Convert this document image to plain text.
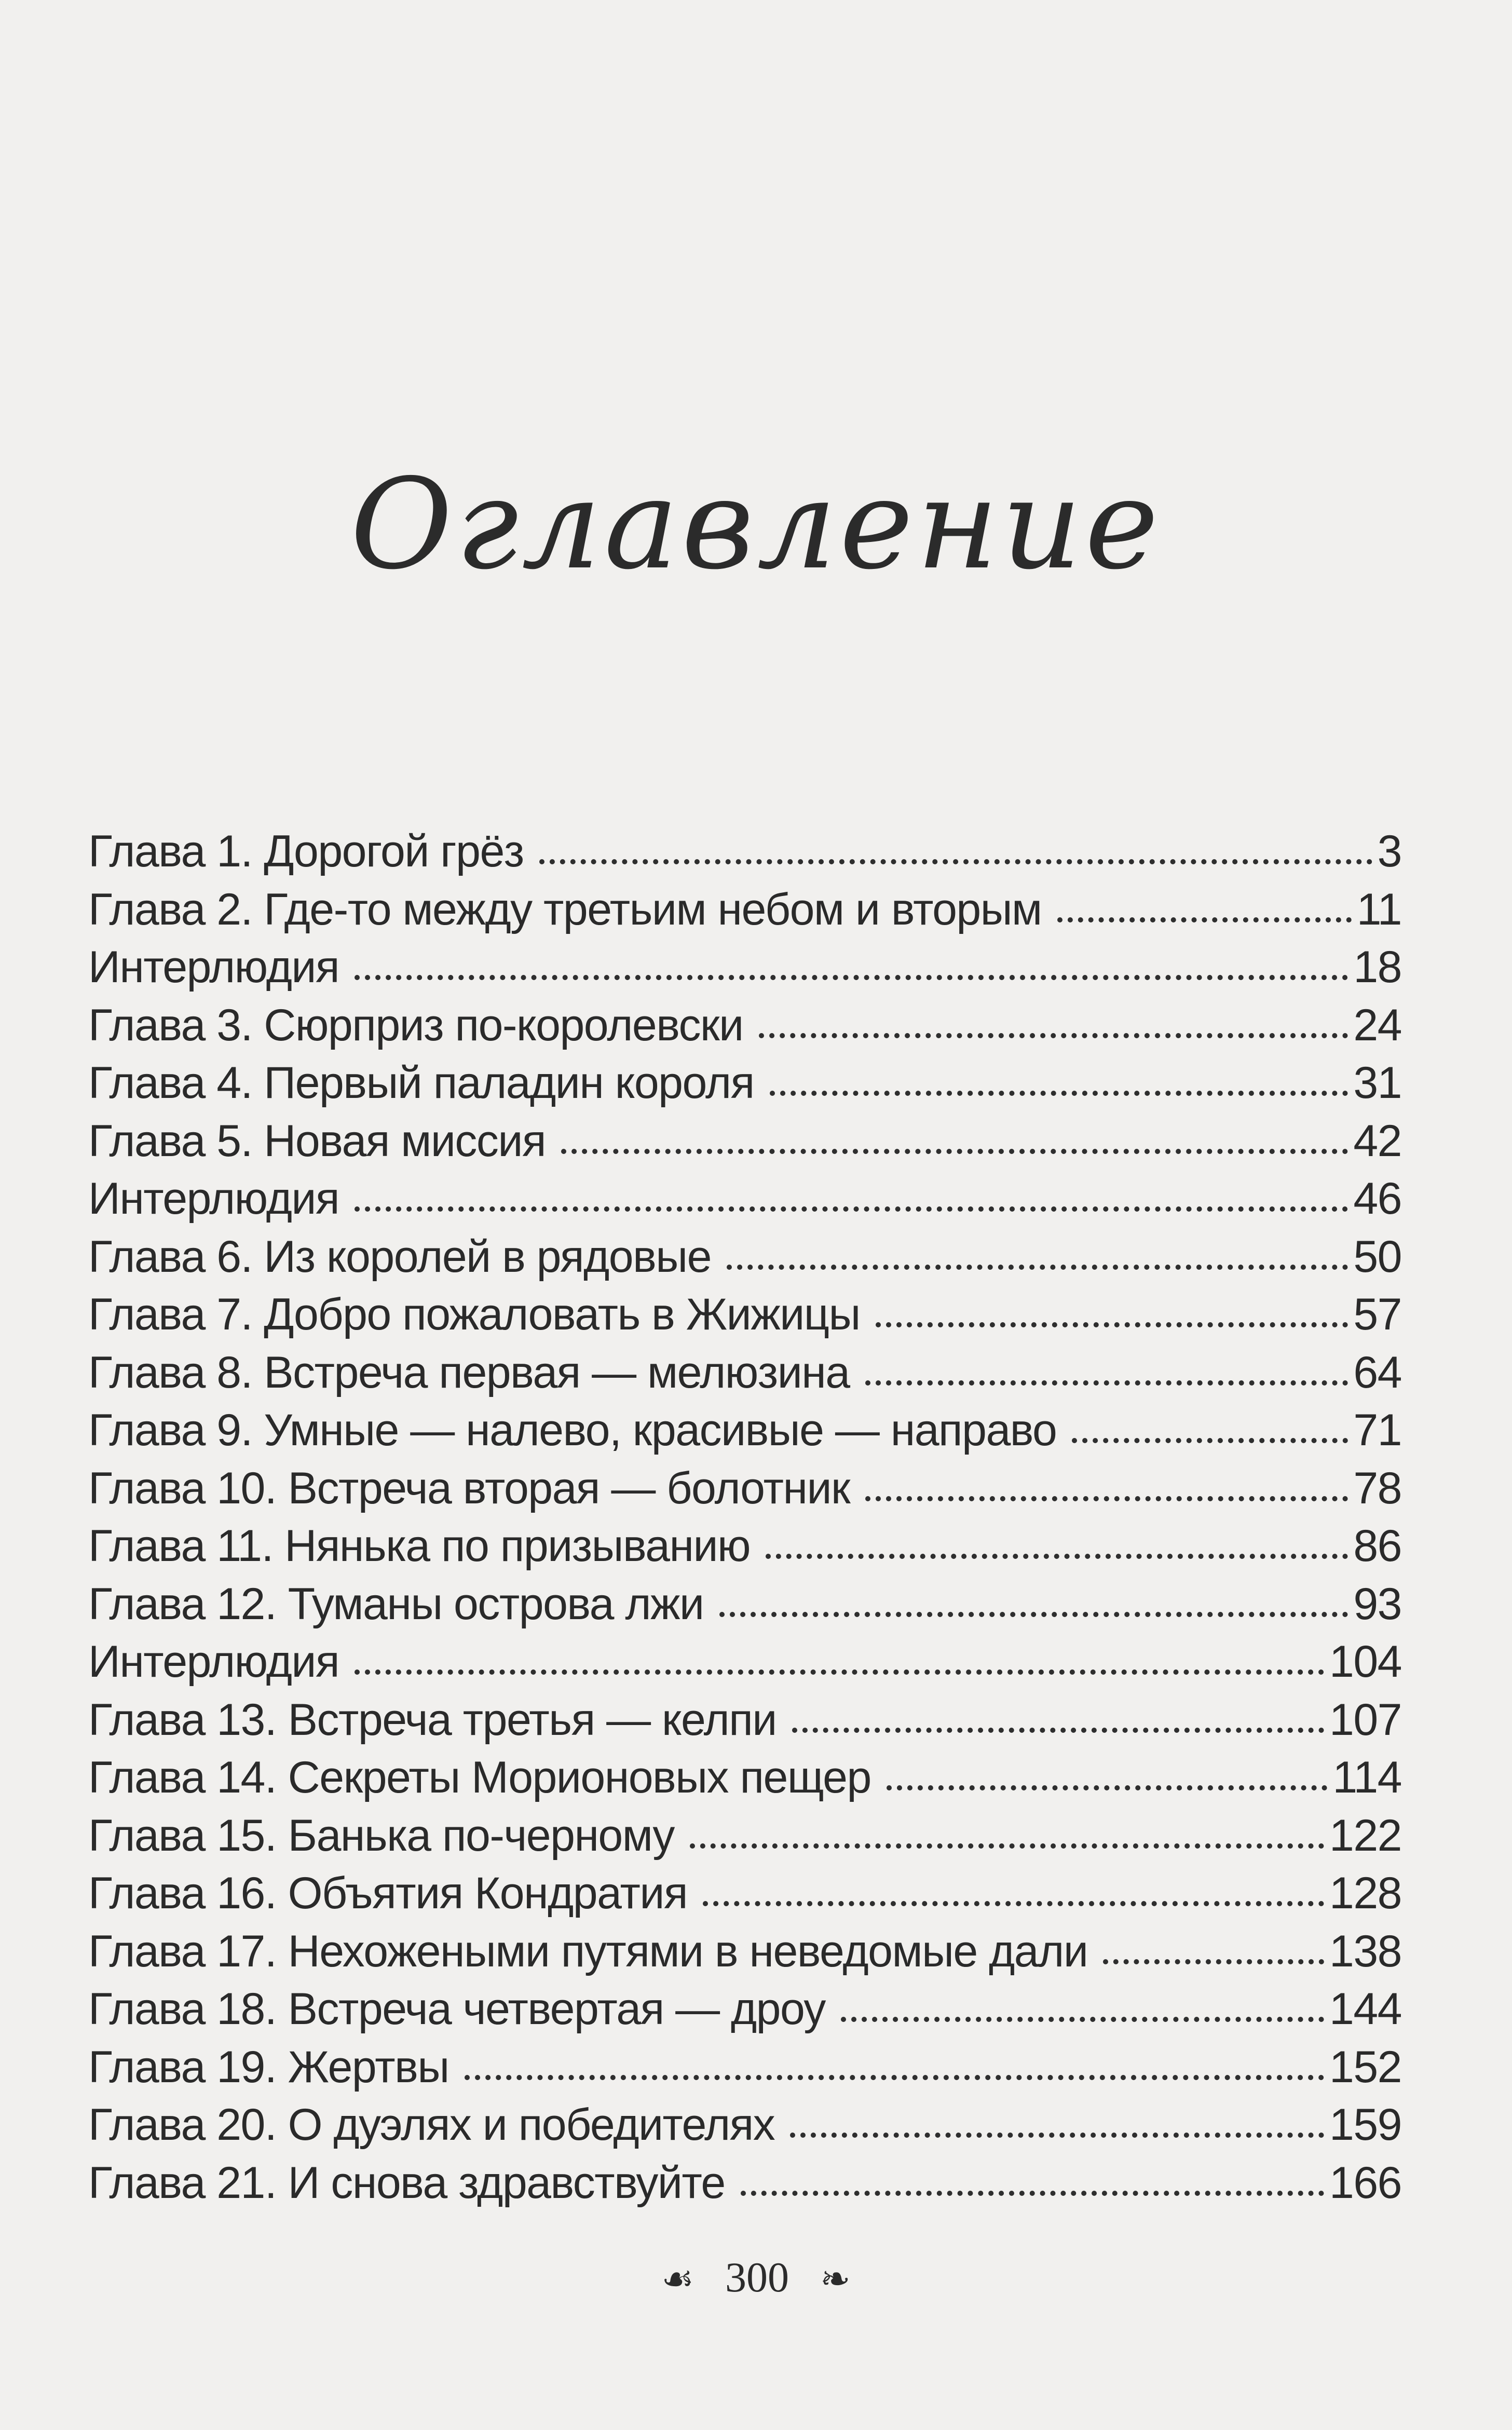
Оглавление
Глава 1. Дорогой грёз	3
Глава 2. Где-то между третьим небом и вторым	11
Интерлюдия	18
Глава 3. Сюрприз по-королевски	24
Глава 4. Первый паладин короля	31
Глава 5. Новая миссия	42
Интерлюдия	46
Глава 6. Из королей в рядовые	50
Глава 7. Добро пожаловать в Жижицы	57
Глава 8. Встреча первая — мелюзина	64
Глава 9. Умные — налево, красивые — направо	71
Глава 10. Встреча вторая — болотник	78
Глава 11. Нянька по призыванию	86
Глава 12. Туманы острова лжи	93
Интерлюдия	104
Глава 13. Встреча третья — келпи	107
Глава 14. Секреты Морионовых пещер	114
Глава 15. Банька по-черному	122
Глава 16. Объятия Кондратия	128
Глава 17. Нехожеными путями в неведомые дали	138
Глава 18. Встреча четвертая — дроу	144
Глава 19. Жертвы	152
Глава 20. О дуэлях и победителях	159
Глава 21. И снова здравствуйте	166
☙ 300 ❧
